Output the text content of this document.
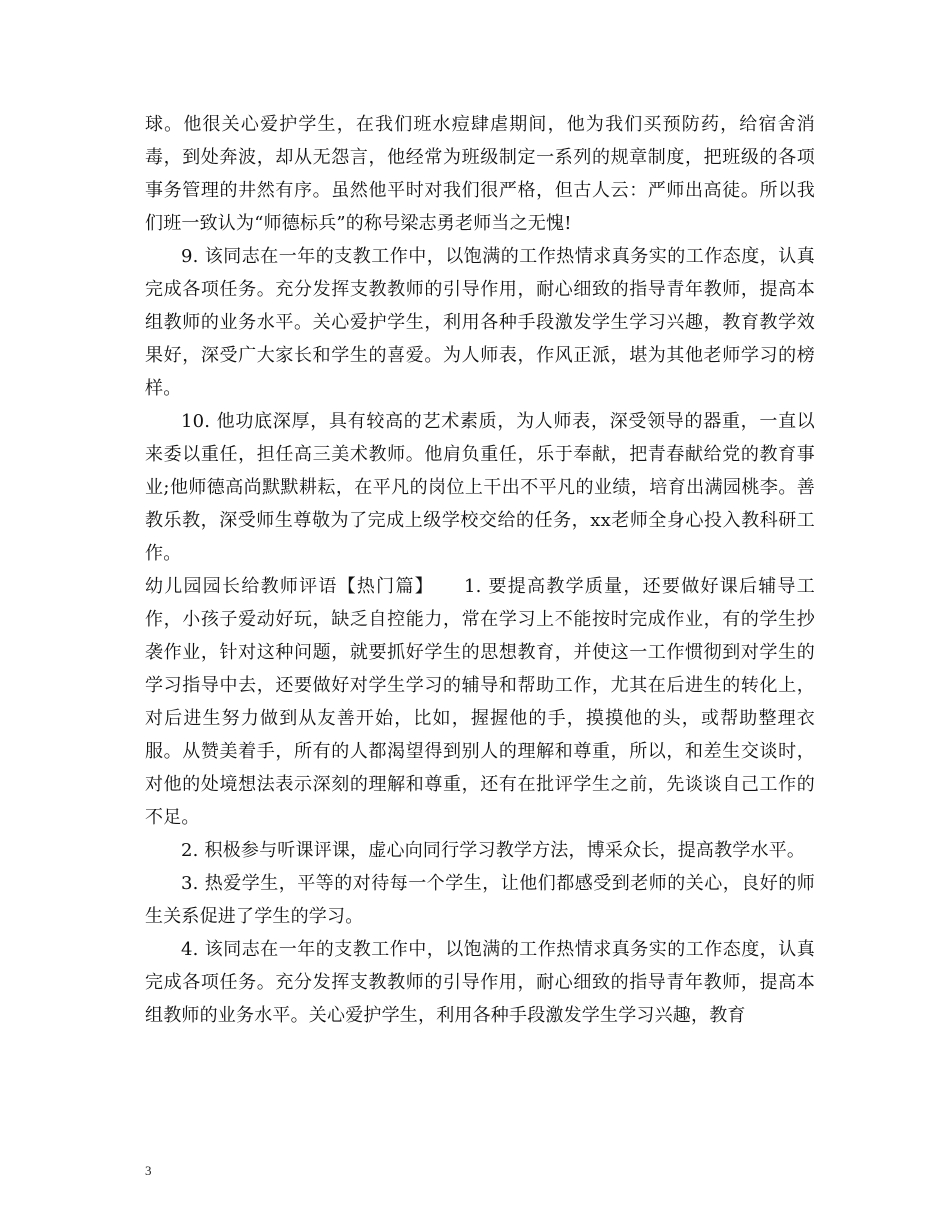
球。他很关心爱护学生，在我们班水痘肆虐期间，他为我们买预防药，给宿舍消毒，到处奔波，却从无怨言，他经常为班级制定一系列的规章制度，把班级的各项事务管理的井然有序。虽然他平时对我们很严格，但古人云：严师出高徒。所以我们班一致认为“师德标兵”的称号梁志勇老师当之无愧!

9. 该同志在一年的支教工作中，以饱满的工作热情求真务实的工作态度，认真完成各项任务。充分发挥支教教师的引导作用，耐心细致的指导青年教师，提高本组教师的业务水平。关心爱护学生，利用各种手段激发学生学习兴趣，教育教学效果好，深受广大家长和学生的喜爱。为人师表，作风正派，堪为其他老师学习的榜样。

10. 他功底深厚，具有较高的艺术素质，为人师表，深受领导的器重，一直以来委以重任，担任高三美术教师。他肩负重任，乐于奉献，把青春献给党的教育事业;他师德高尚默默耕耘，在平凡的岗位上干出不平凡的业绩，培育出满园桃李。善教乐教，深受师生尊敬为了完成上级学校交给的任务，xx老师全身心投入教科研工作。

幼儿园园长给教师评语【热门篇】 1. 要提高教学质量，还要做好课后辅导工作，小孩子爱动好玩，缺乏自控能力，常在学习上不能按时完成作业，有的学生抄袭作业，针对这种问题，就要抓好学生的思想教育，并使这一工作惯彻到对学生的学习指导中去，还要做好对学生学习的辅导和帮助工作，尤其在后进生的转化上，对后进生努力做到从友善开始，比如，握握他的手，摸摸他的头，或帮助整理衣服。从赞美着手，所有的人都渴望得到别人的理解和尊重，所以，和差生交谈时，对他的处境想法表示深刻的理解和尊重，还有在批评学生之前，先谈谈自己工作的不足。

2. 积极参与听课评课，虚心向同行学习教学方法，博采众长，提高教学水平。

3. 热爱学生，平等的对待每一个学生，让他们都感受到老师的关心，良好的师生关系促进了学生的学习。

4. 该同志在一年的支教工作中，以饱满的工作热情求真务实的工作态度，认真完成各项任务。充分发挥支教教师的引导作用，耐心细致的指导青年教师，提高本组教师的业务水平。关心爱护学生，利用各种手段激发学生学习兴趣，教育

3
